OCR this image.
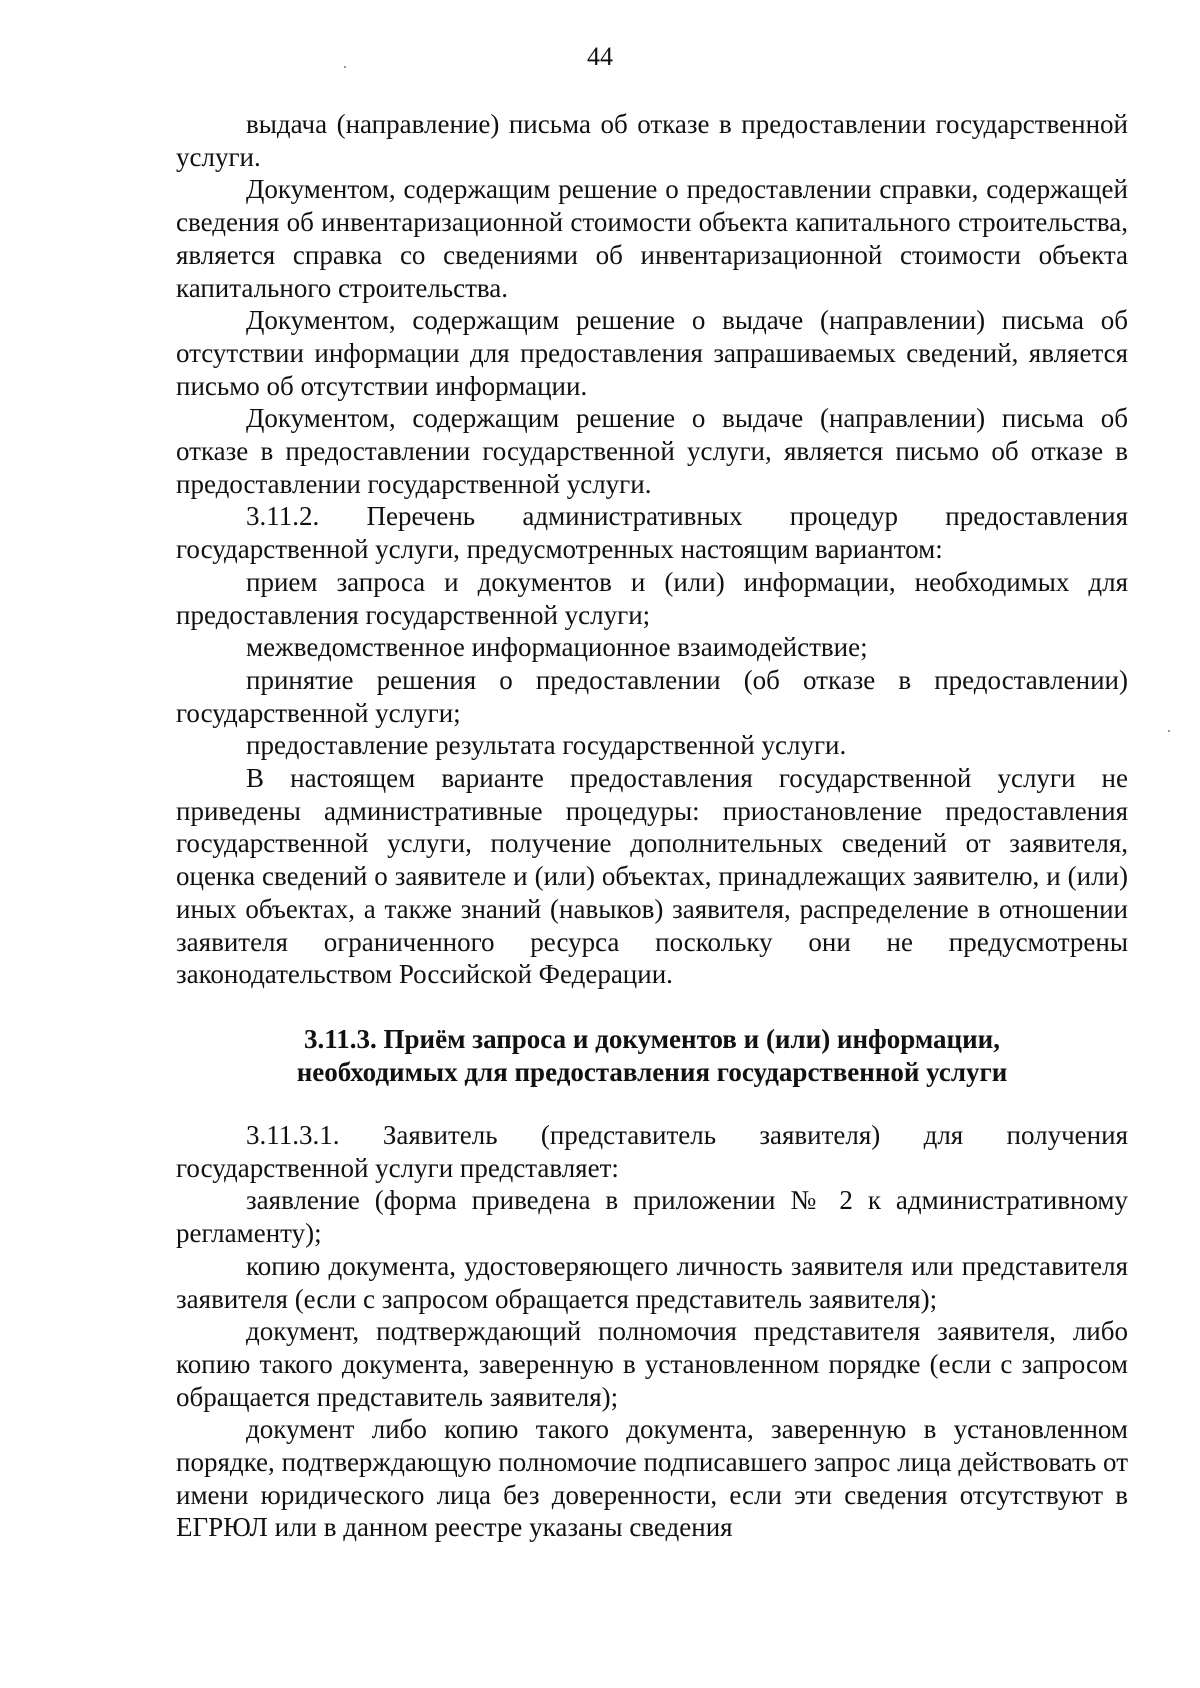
44

выдача (направление) письма об отказе в предоставлении государственной услуги.

Документом, содержащим решение о предоставлении справки, содержащей сведения об инвентаризационной стоимости объекта капитального строительства, является справка со сведениями об инвентаризационной стоимости объекта капитального строительства.

Документом, содержащим решение о выдаче (направлении) письма об отсутствии информации для предоставления запрашиваемых сведений, является письмо об отсутствии информации.

Документом, содержащим решение о выдаче (направлении) письма об отказе в предоставлении государственной услуги, является письмо об отказе в предоставлении государственной услуги.

3.11.2. Перечень административных процедур предоставления государственной услуги, предусмотренных настоящим вариантом:

прием запроса и документов и (или) информации, необходимых для предоставления государственной услуги;

межведомственное информационное взаимодействие;

принятие решения о предоставлении (об отказе в предоставлении) государственной услуги;

предоставление результата государственной услуги.

В настоящем варианте предоставления государственной услуги не приведены административные процедуры: приостановление предоставления государственной услуги, получение дополнительных сведений от заявителя, оценка сведений о заявителе и (или) объектах, принадлежащих заявителю, и (или) иных объектах, а также знаний (навыков) заявителя, распределение в отношении заявителя ограниченного ресурса поскольку они не предусмотрены законодательством Российской Федерации.

3.11.3. Приём запроса и документов и (или) информации,
необходимых для предоставления государственной услуги

3.11.3.1. Заявитель (представитель заявителя) для получения государственной услуги представляет:

заявление (форма приведена в приложении № 2 к административному регламенту);

копию документа, удостоверяющего личность заявителя или представителя заявителя (если с запросом обращается представитель заявителя);

документ, подтверждающий полномочия представителя заявителя, либо копию такого документа, заверенную в установленном порядке (если с запросом обращается представитель заявителя);

документ либо копию такого документа, заверенную в установленном порядке, подтверждающую полномочие подписавшего запрос лица действовать от имени юридического лица без доверенности, если эти сведения отсутствуют в ЕГРЮЛ или в данном реестре указаны сведения
